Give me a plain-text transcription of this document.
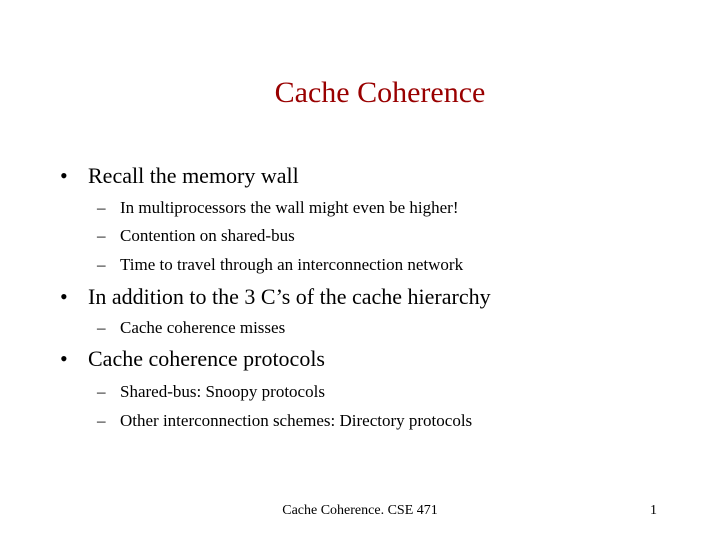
Cache Coherence
• Recall the memory wall
– In multiprocessors the wall might even be higher!
– Contention on shared-bus
– Time to travel through an interconnection network
• In addition to the 3 C’s of the cache hierarchy
– Cache coherence misses
• Cache coherence protocols
– Shared-bus: Snoopy protocols
– Other interconnection schemes: Directory protocols
Cache Coherence. CSE 471	1
